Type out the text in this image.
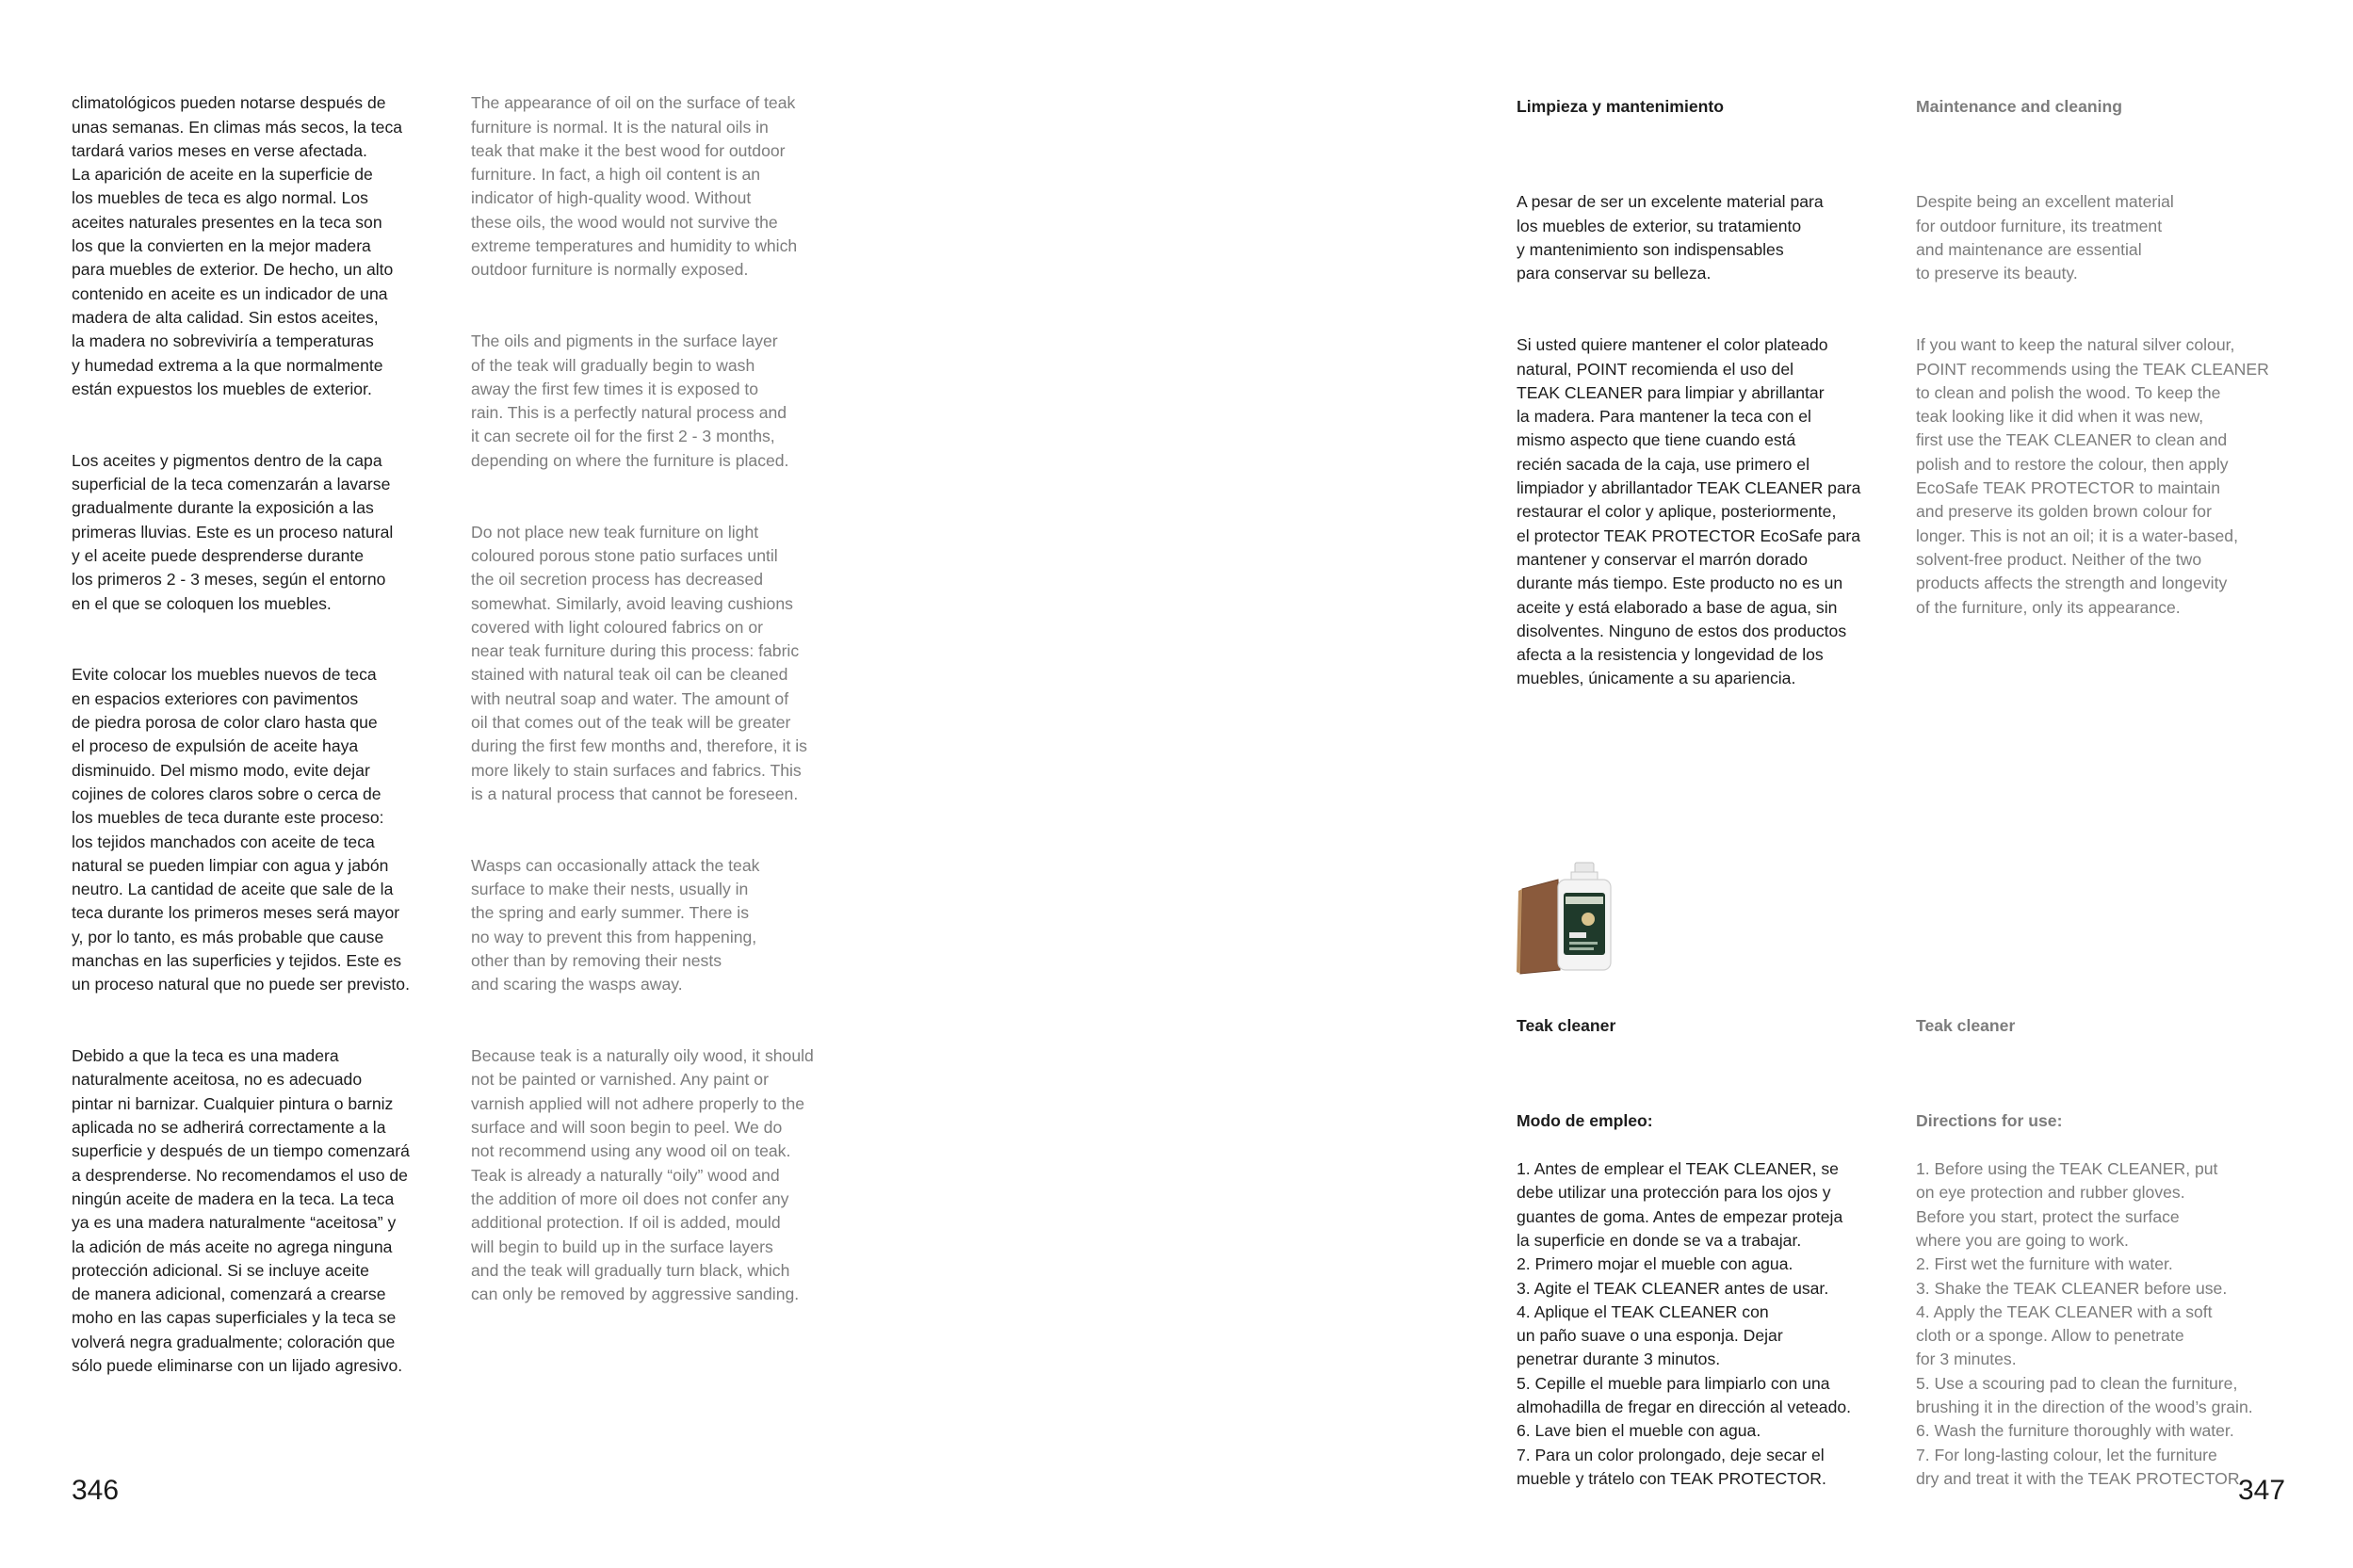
climatológicos pueden notarse después de
unas semanas. En climas más secos, la teca
tardará varios meses en verse afectada.
La aparición de aceite en la superficie de
los muebles de teca es algo normal. Los
aceites naturales presentes en la teca son
los que la convierten en la mejor madera
para muebles de exterior. De hecho, un alto
contenido en aceite es un indicador de una
madera de alta calidad. Sin estos aceites,
la madera no sobreviviría a temperaturas
y humedad extrema a la que normalmente
están expuestos los muebles de exterior.

Los aceites y pigmentos dentro de la capa
superficial de la teca comenzarán a lavarse
gradualmente durante la exposición a las
primeras lluvias. Este es un proceso natural
y el aceite puede desprenderse durante
los primeros 2 - 3 meses, según el entorno
en el que se coloquen los muebles.

Evite colocar los muebles nuevos de teca
en espacios exteriores con pavimentos
de piedra porosa de color claro hasta que
el proceso de expulsión de aceite haya
disminuido. Del mismo modo, evite dejar
cojines de colores claros sobre o cerca de
los muebles de teca durante este proceso:
los tejidos manchados con aceite de teca
natural se pueden limpiar con agua y jabón
neutro. La cantidad de aceite que sale de la
teca durante los primeros meses será mayor
y, por lo tanto, es más probable que cause
manchas en las superficies y tejidos. Este es
un proceso natural que no puede ser previsto.

Debido a que la teca es una madera
naturalmente aceitosa, no es adecuado
pintar ni barnizar. Cualquier pintura o barniz
aplicada no se adherirá correctamente a la
superficie y después de un tiempo comenzará
a desprenderse. No recomendamos el uso de
ningún aceite de madera en la teca. La teca
ya es una madera naturalmente “aceitosa” y
la adición de más aceite no agrega ninguna
protección adicional. Si se incluye aceite
de manera adicional, comenzará a crearse
moho en las capas superficiales y la teca se
volverá negra gradualmente; coloración que
sólo puede eliminarse con un lijado agresivo.

The appearance of oil on the surface of teak
furniture is normal. It is the natural oils in
teak that make it the best wood for outdoor
furniture. In fact, a high oil content is an
indicator of high-quality wood. Without
these oils, the wood would not survive the
extreme temperatures and humidity to which
outdoor furniture is normally exposed.

The oils and pigments in the surface layer
of the teak will gradually begin to wash
away the first few times it is exposed to
rain. This is a perfectly natural process and
it can secrete oil for the first 2 - 3 months,
depending on where the furniture is placed.

Do not place new teak furniture on light
coloured porous stone patio surfaces until
the oil secretion process has decreased
somewhat. Similarly, avoid leaving cushions
covered with light coloured fabrics on or
near teak furniture during this process: fabric
stained with natural teak oil can be cleaned
with neutral soap and water. The amount of
oil that comes out of the teak will be greater
during the first few months and, therefore, it is
more likely to stain surfaces and fabrics. This
is a natural process that cannot be foreseen.

Wasps can occasionally attack the teak
surface to make their nests, usually in
the spring and early summer. There is
no way to prevent this from happening,
other than by removing their nests
and scaring the wasps away.

Because teak is a naturally oily wood, it should
not be painted or varnished. Any paint or
varnish applied will not adhere properly to the
surface and will soon begin to peel. We do
not recommend using any wood oil on teak.
Teak is already a naturally “oily” wood and
the addition of more oil does not confer any
additional protection. If oil is added, mould
will begin to build up in the surface layers
and the teak will gradually turn black, which
can only be removed by aggressive sanding.

346

Limpieza y mantenimiento

A pesar de ser un excelente material para
los muebles de exterior, su tratamiento
y mantenimiento son indispensables
para conservar su belleza.

Si usted quiere mantener el color plateado
natural, POINT recomienda el uso del
TEAK CLEANER para limpiar y abrillantar
la madera. Para mantener la teca con el
mismo aspecto que tiene cuando está
recién sacada de la caja, use primero el
limpiador y abrillantador TEAK CLEANER para
restaurar el color y aplique, posteriormente,
el protector TEAK PROTECTOR EcoSafe para
mantener y conservar el marrón dorado
durante más tiempo. Este producto no es un
aceite y está elaborado a base de agua, sin
disolventes. Ninguno de estos dos productos
afecta a la resistencia y longevidad de los
muebles, únicamente a su apariencia.

Maintenance and cleaning

Despite being an excellent material
for outdoor furniture, its treatment
and maintenance are essential
to preserve its beauty.

If you want to keep the natural silver colour,
POINT recommends using the TEAK CLEANER
to clean and polish the wood. To keep the
teak looking like it did when it was new,
first use the TEAK CLEANER to clean and
polish and to restore the colour, then apply
EcoSafe TEAK PROTECTOR to maintain
and preserve its golden brown colour for
longer. This is not an oil; it is a water-based,
solvent-free product. Neither of the two
products affects the strength and longevity
of the furniture, only its appearance.

Teak cleaner

Modo de empleo:

1. Antes de emplear el TEAK CLEANER, se
debe utilizar una protección para los ojos y
guantes de goma. Antes de empezar proteja
la superficie en donde se va a trabajar.
2. Primero mojar el mueble con agua.
3. Agite el TEAK CLEANER antes de usar.
4. Aplique el TEAK CLEANER con
un paño suave o una esponja. Dejar
penetrar durante 3 minutos.
5. Cepille el mueble para limpiarlo con una
almohadilla de fregar en dirección al veteado.
6. Lave bien el mueble con agua.
7. Para un color prolongado, deje secar el
mueble y trátelo con TEAK PROTECTOR.

Teak cleaner

Directions for use:

1. Before using the TEAK CLEANER, put
on eye protection and rubber gloves.
Before you start, protect the surface
where you are going to work.
2. First wet the furniture with water.
3. Shake the TEAK CLEANER before use.
4. Apply the TEAK CLEANER with a soft
cloth or a sponge. Allow to penetrate
for 3 minutes.
5. Use a scouring pad to clean the furniture,
brushing it in the direction of the wood’s grain.
6. Wash the furniture thoroughly with water.
7. For long-lasting colour, let the furniture
dry and treat it with the TEAK PROTECTOR.

347
